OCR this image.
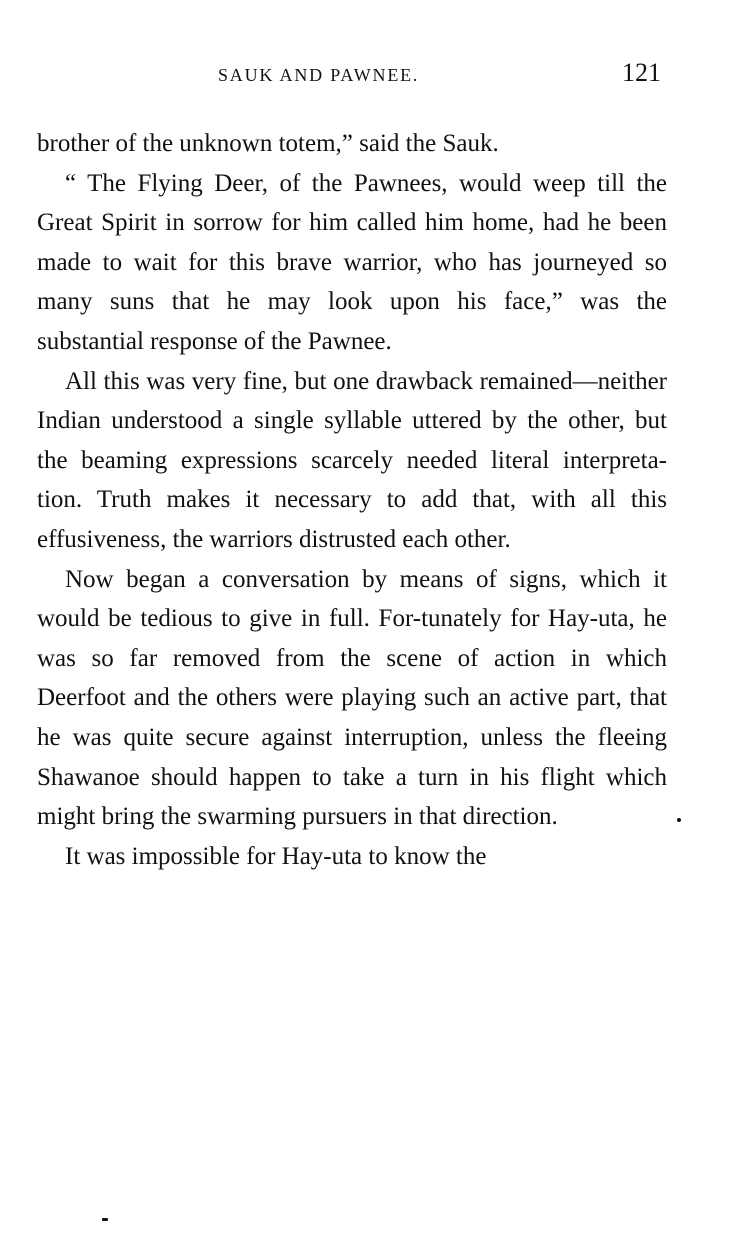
SAUK AND PAWNEE.	121

brother of the unknown totem,” said the Sauk.

“ The Flying Deer, of the Pawnees, would weep till the Great Spirit in sorrow for him called him home, had he been made to wait for this brave warrior, who has journeyed so many suns that he may look upon his face,” was the substantial response of the Pawnee.

All this was very fine, but one drawback remained—neither Indian understood a single syllable uttered by the other, but the beaming expressions scarcely needed literal interpreta-tion. Truth makes it necessary to add that, with all this effusiveness, the warriors distrusted each other.

Now began a conversation by means of signs, which it would be tedious to give in full. For-tunately for Hay-uta, he was so far removed from the scene of action in which Deerfoot and the others were playing such an active part, that he was quite secure against interruption, unless the fleeing Shawanoe should happen to take a turn in his flight which might bring the swarming pursuers in that direction.

It was impossible for Hay-uta to know the
